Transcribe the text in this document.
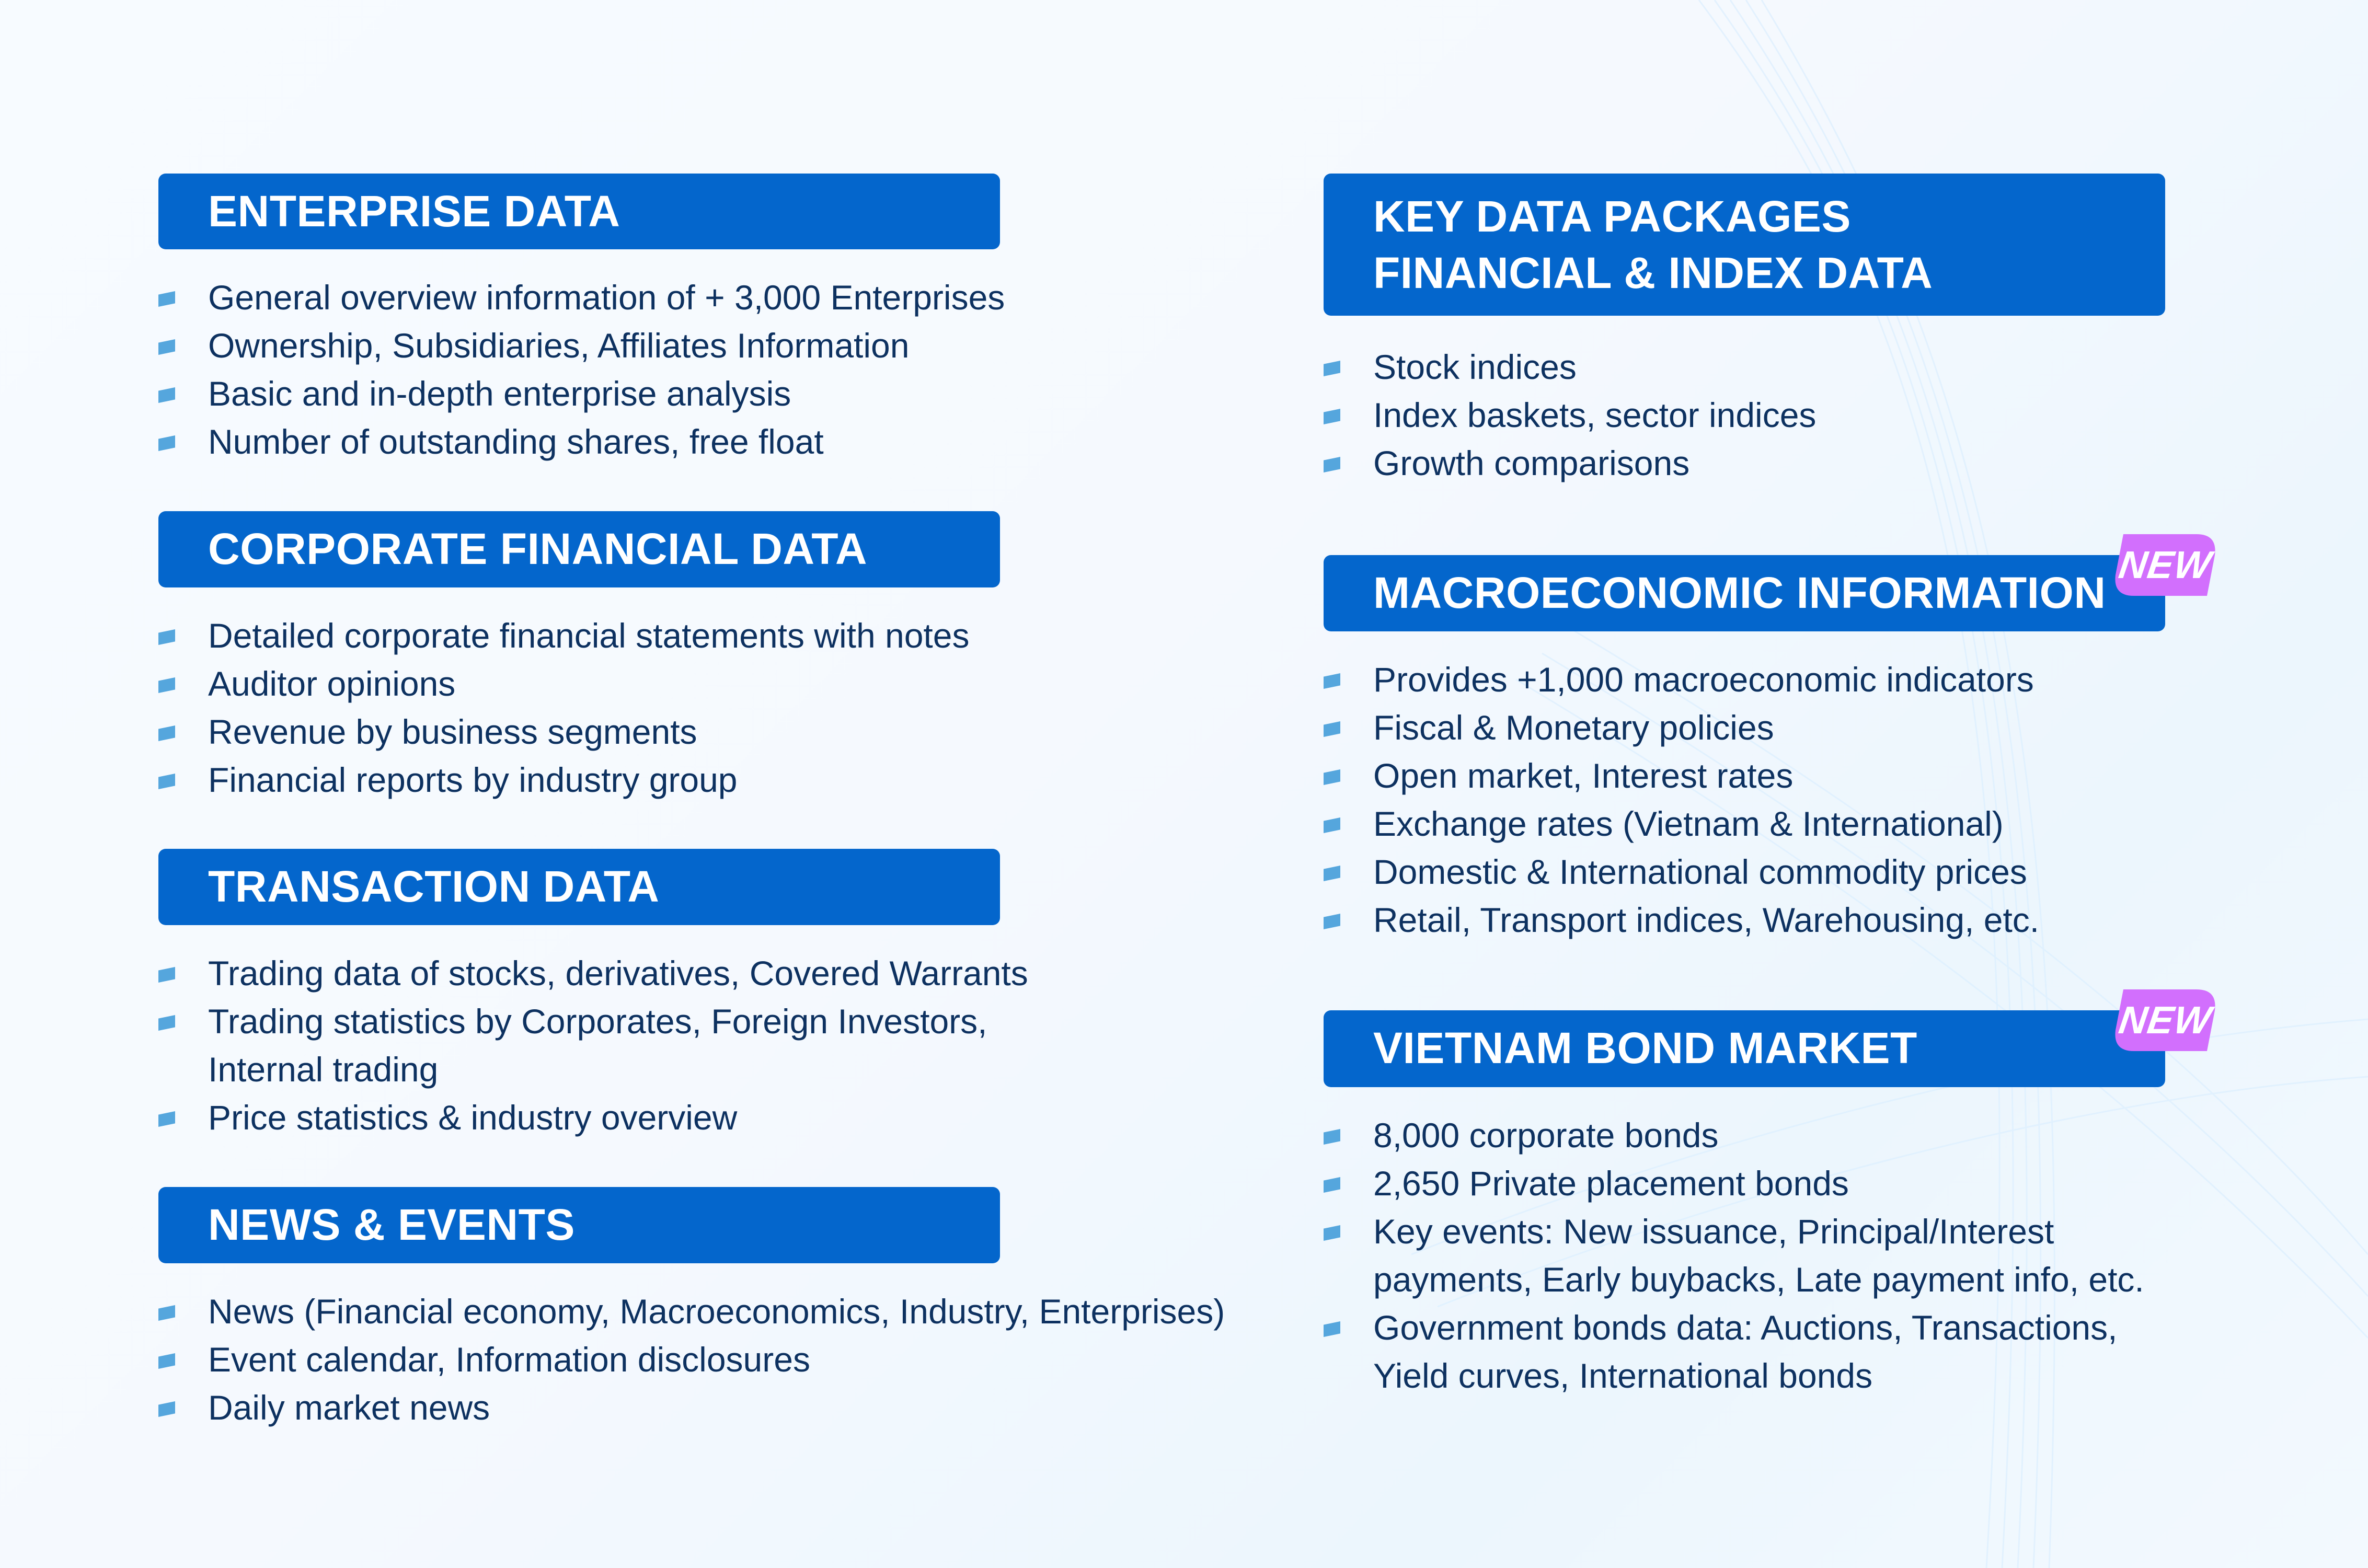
ENTERPRISE DATA
General overview information of + 3,000 Enterprises
Ownership, Subsidiaries, Affiliates Information
Basic and in-depth enterprise analysis
Number of outstanding shares, free float
CORPORATE FINANCIAL DATA
Detailed corporate financial statements with notes
Auditor opinions
Revenue by business segments
Financial reports by industry group
TRANSACTION DATA
Trading data of stocks, derivatives, Covered Warrants
Trading statistics by Corporates, Foreign Investors,
Internal trading
Price statistics & industry overview
NEWS & EVENTS
News (Financial economy, Macroeconomics, Industry, Enterprises)
Event calendar, Information disclosures
Daily market news
KEY DATA PACKAGES
FINANCIAL & INDEX DATA
Stock indices
Index baskets, sector indices
Growth comparisons
MACROECONOMIC INFORMATION
NEW
Provides +1,000 macroeconomic indicators
Fiscal & Monetary policies
Open market, Interest rates
Exchange rates (Vietnam & International)
Domestic & International commodity prices
Retail, Transport indices, Warehousing, etc.
VIETNAM BOND MARKET
NEW
8,000 corporate bonds
2,650 Private placement bonds
Key events: New issuance, Principal/Interest
payments, Early buybacks, Late payment info, etc.
Government bonds data: Auctions, Transactions,
Yield curves, International bonds
